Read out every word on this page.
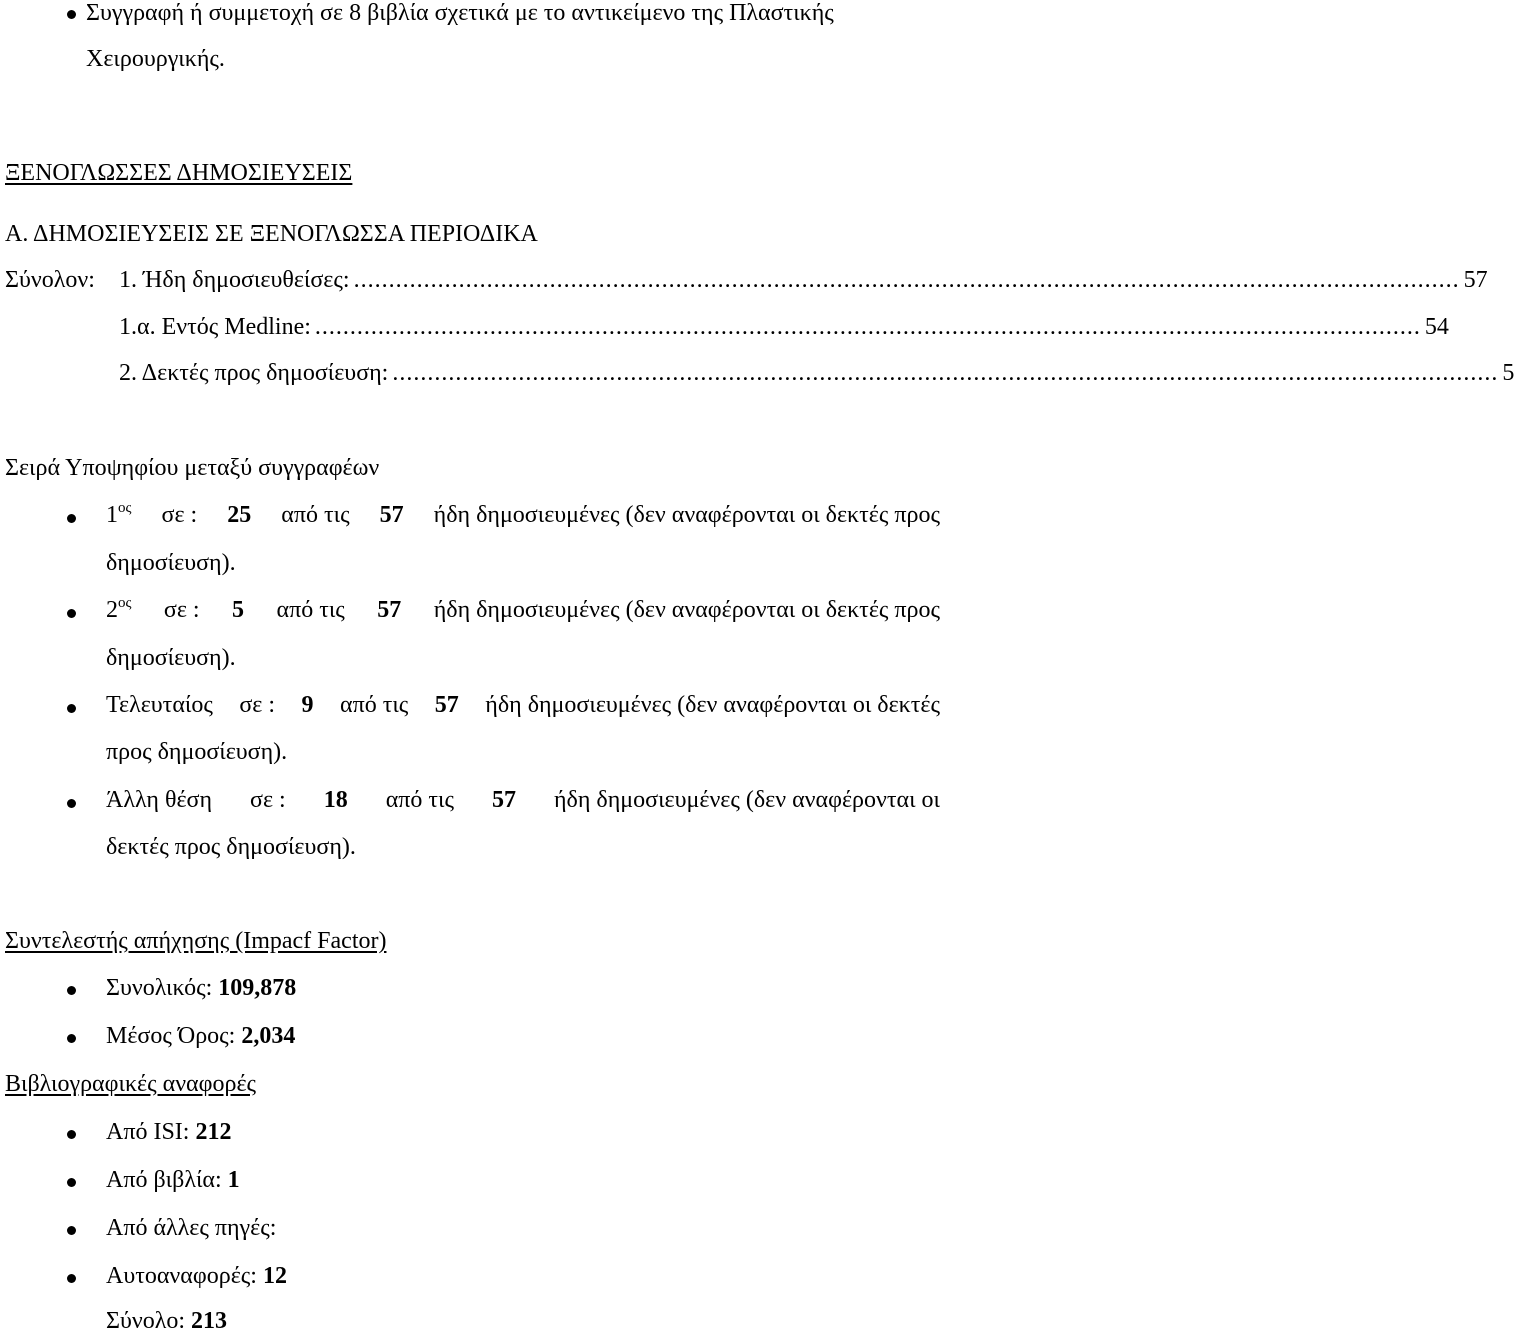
Συγγραφή ή συμμετοχή σε 8 βιβλία σχετικά με το αντικείμενο της Πλαστικής
Χειρουργικής.
ΞΕΝΟΓΛΩΣΣΕΣ ΔΗΜΟΣΙΕΥΣΕΙΣ
Α. ΔΗΜΟΣΙΕΥΣΕΙΣ ΣΕ ΞΕΝΟΓΛΩΣΣΑ ΠΕΡΙΟΔΙΚΑ
Σύνολον: 1. Ήδη δημοσιευθείσες: .............................................................................................................................................................. 57
1.α. Εντός Medline: .............................................................................................................................................................. 54
2. Δεκτές προς δημοσίευση: .............................................................................................................................................................. 5
Σειρά Υποψηφίου μεταξύ συγγραφέων
$1^{o\varsigma}$ σε : 25 από τις 57 ήδη δημοσιευμένες (δεν αναφέρονται οι δεκτές προς
δημοσίευση).
$2^{o\varsigma}$ σε : 5 από τις 57 ήδη δημοσιευμένες (δεν αναφέρονται οι δεκτές προς
δημοσίευση).
Τελευταίος σε : 9 από τις 57 ήδη δημοσιευμένες (δεν αναφέρονται οι δεκτές
προς δημοσίευση).
Άλλη θέση σε : 18 από τις 57 ήδη δημοσιευμένες (δεν αναφέρονται οι
δεκτές προς δημοσίευση).
Συντελεστής απήχησης (Impacf Factor)
Συνολικός: 109,878
Μέσος Όρος: 2,034
Βιβλιογραφικές αναφορές
Από ISI: 212
Από βιβλία: 1
Από άλλες πηγές:
Αυτοαναφορές: 12
Σύνολο: 213
